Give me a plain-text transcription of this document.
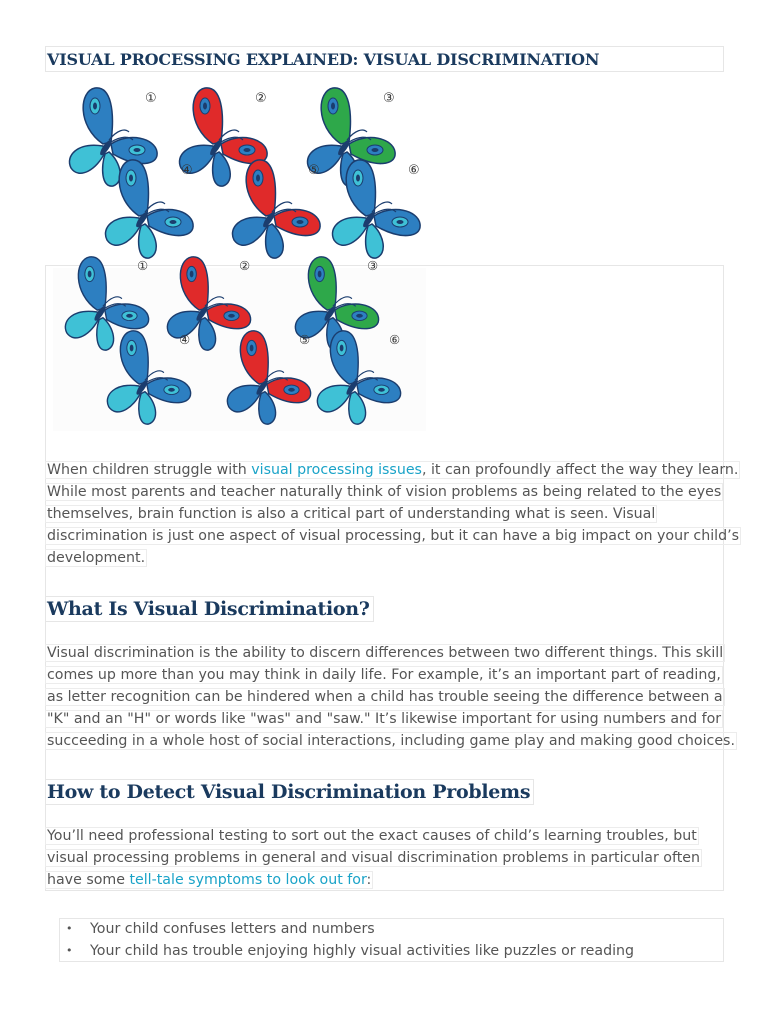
VISUAL PROCESSING EXPLAINED: VISUAL DISCRIMINATION
①	②	③
④	⑤	⑥
①	②	③
④	⑤	⑥
When children struggle with visual processing issues, it can profoundly affect the way they learn.
While most parents and teacher naturally think of vision problems as being related to the eyes
themselves, brain function is also a critical part of understanding what is seen. Visual
discrimination is just one aspect of visual processing, but it can have a big impact on your child’s
development.
What Is Visual Discrimination?
Visual discrimination is the ability to discern differences between two different things. This skill
comes up more than you may think in daily life. For example, it’s an important part of reading,
as letter recognition can be hindered when a child has trouble seeing the difference between a
"K" and an "H" or words like "was" and "saw." It’s likewise important for using numbers and for
succeeding in a whole host of social interactions, including game play and making good choices.
How to Detect Visual Discrimination Problems
You’ll need professional testing to sort out the exact causes of child’s learning troubles, but
visual processing problems in general and visual discrimination problems in particular often
have some tell-tale symptoms to look out for:
• Your child confuses letters and numbers
• Your child has trouble enjoying highly visual activities like puzzles or reading
